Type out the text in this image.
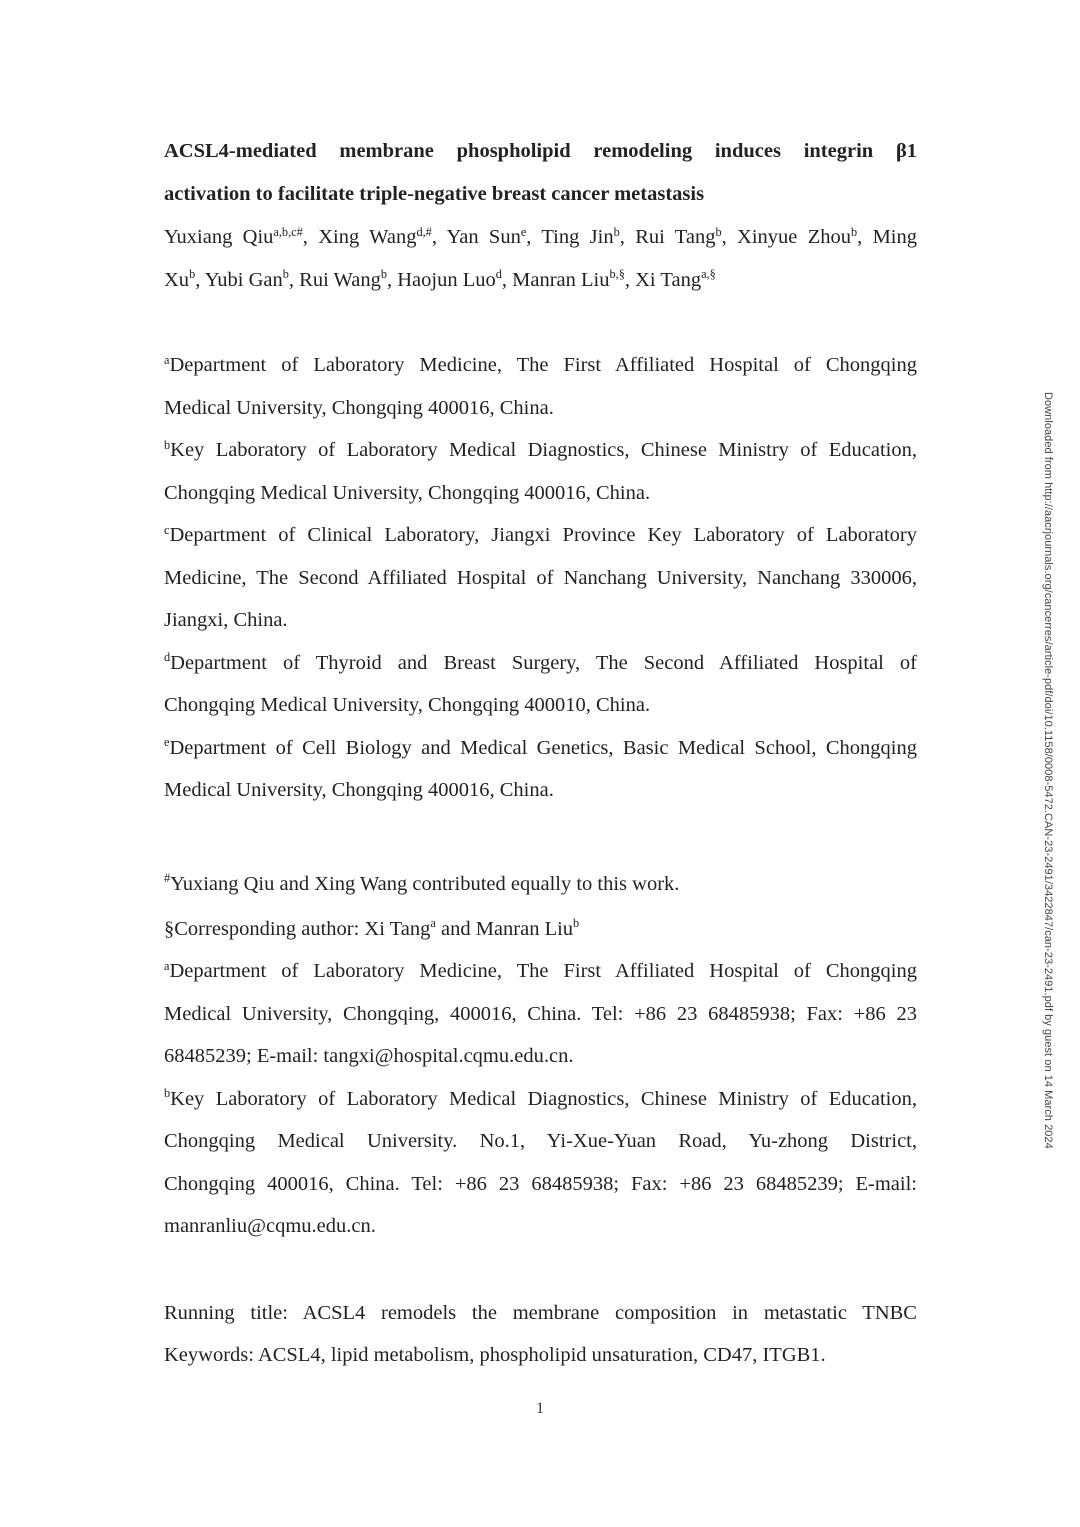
ACSL4-mediated membrane phospholipid remodeling induces integrin β1
activation to facilitate triple-negative breast cancer metastasis
Yuxiang Qiu$^{a,b,c\#}$, Xing Wang$^{d,\#}$, Yan Sun$^e$, Ting Jin$^b$, Rui Tang$^b$, Xinyue Zhou$^b$, Ming
Xu$^b$, Yubi Gan$^b$, Rui Wang$^b$, Haojun Luo$^d$, Manran Liu$^{b,\S}$, Xi Tang$^{a,\S}$
$^a$Department of Laboratory Medicine, The First Affiliated Hospital of Chongqing
Medical University, Chongqing 400016, China.
$^b$Key Laboratory of Laboratory Medical Diagnostics, Chinese Ministry of Education,
Chongqing Medical University, Chongqing 400016, China.
$^c$Department of Clinical Laboratory, Jiangxi Province Key Laboratory of Laboratory
Medicine, The Second Affiliated Hospital of Nanchang University, Nanchang 330006,
Jiangxi, China.
$^d$Department of Thyroid and Breast Surgery, The Second Affiliated Hospital of
Chongqing Medical University, Chongqing 400010, China.
$^e$Department of Cell Biology and Medical Genetics, Basic Medical School, Chongqing
Medical University, Chongqing 400016, China.
#Yuxiang Qiu and Xing Wang contributed equally to this work.
§Corresponding author: Xi Tang$^a$ and Manran Liu$^b$
$^a$Department of Laboratory Medicine, The First Affiliated Hospital of Chongqing
Medical University, Chongqing, 400016, China. Tel: +86 23 68485938; Fax: +86 23
68485239; E-mail: tangxi@hospital.cqmu.edu.cn.
$^b$Key Laboratory of Laboratory Medical Diagnostics, Chinese Ministry of Education,
Chongqing Medical University. No.1, Yi-Xue-Yuan Road, Yu-zhong District,
Chongqing 400016, China. Tel: +86 23 68485938; Fax: +86 23 68485239; E-mail:
manranliu@cqmu.edu.cn.
Running title: ACSL4 remodels the membrane composition in metastatic TNBC
Keywords: ACSL4, lipid metabolism, phospholipid unsaturation, CD47, ITGB1.
1
Downloaded from http://aacrjournals.org/cancerres/article-pdf/doi/10.1158/0008-5472.CAN-23-2491/3422847/can-23-2491.pdf by guest on 14 March 2024
